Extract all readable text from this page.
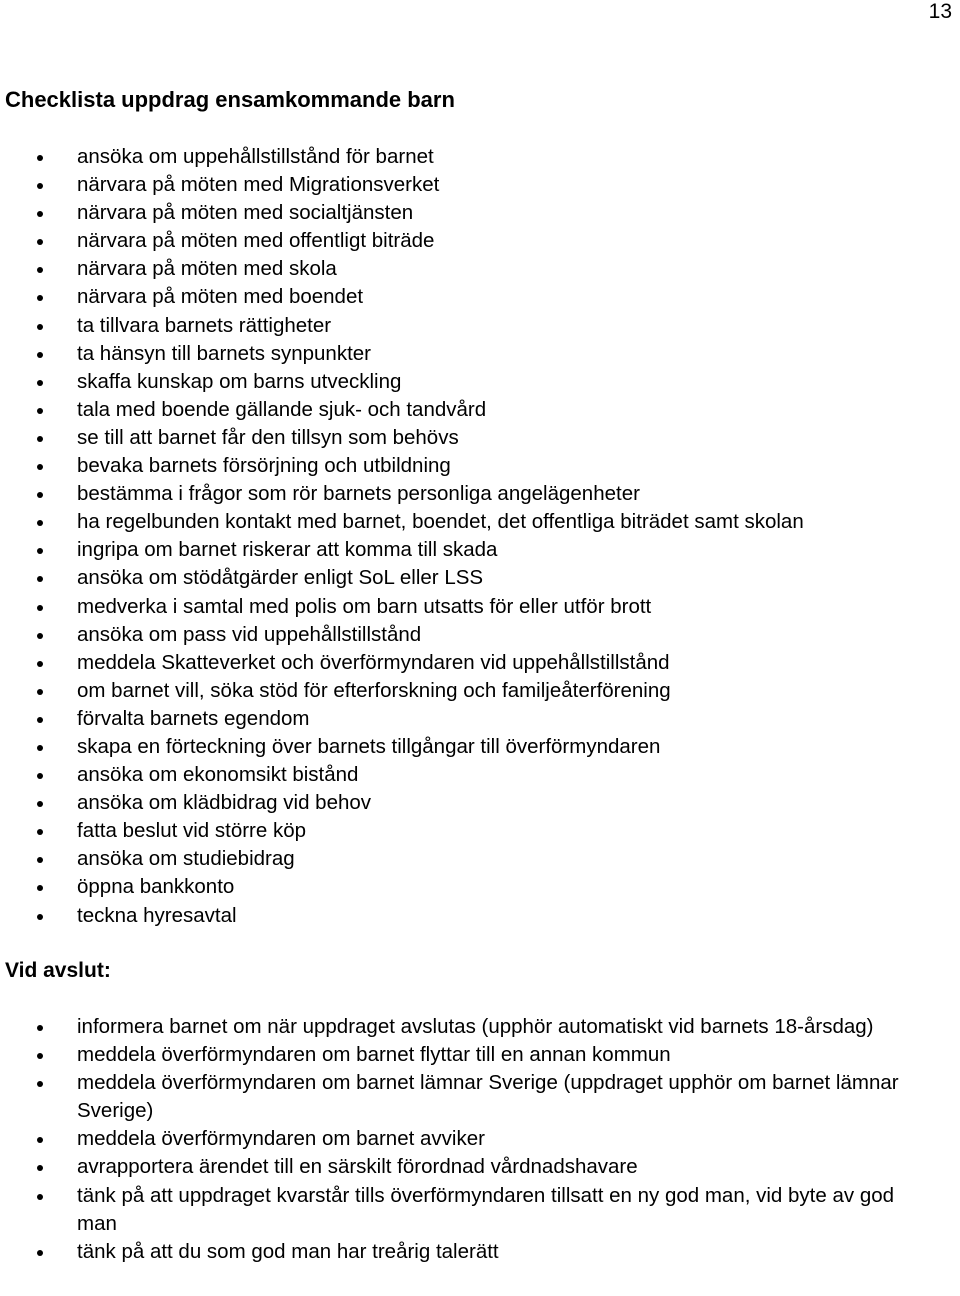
13
Checklista uppdrag ensamkommande barn
ansöka om uppehållstillstånd för barnet
närvara på möten med Migrationsverket
närvara på möten med socialtjänsten
närvara på möten med offentligt biträde
närvara på möten med skola
närvara på möten med boendet
ta tillvara barnets rättigheter
ta hänsyn till barnets synpunkter
skaffa kunskap om barns utveckling
tala med boende gällande sjuk- och tandvård
se till att barnet får den tillsyn som behövs
bevaka barnets försörjning och utbildning
bestämma i frågor som rör barnets personliga angelägenheter
ha regelbunden kontakt med barnet, boendet, det offentliga biträdet samt skolan
ingripa om barnet riskerar att komma till skada
ansöka om stödåtgärder enligt SoL eller LSS
medverka i samtal med polis om barn utsatts för eller utför brott
ansöka om pass vid uppehållstillstånd
meddela Skatteverket och överförmyndaren vid uppehållstillstånd
om barnet vill, söka stöd för efterforskning och familjeåterförening
förvalta barnets egendom
skapa en förteckning över barnets tillgångar till överförmyndaren
ansöka om ekonomsikt bistånd
ansöka om klädbidrag vid behov
fatta beslut vid större köp
ansöka om studiebidrag
öppna bankkonto
teckna hyresavtal
Vid avslut:
informera barnet om när uppdraget avslutas (upphör automatiskt vid barnets 18-årsdag)
meddela överförmyndaren om barnet flyttar till en annan kommun
meddela överförmyndaren om barnet lämnar Sverige (uppdraget upphör om barnet lämnar Sverige)
meddela överförmyndaren om barnet avviker
avrapportera ärendet till en särskilt förordnad vårdnadshavare
tänk på att uppdraget kvarstår tills överförmyndaren tillsatt en ny god man, vid byte av god man
tänk på att du som god man har treårig talerätt
